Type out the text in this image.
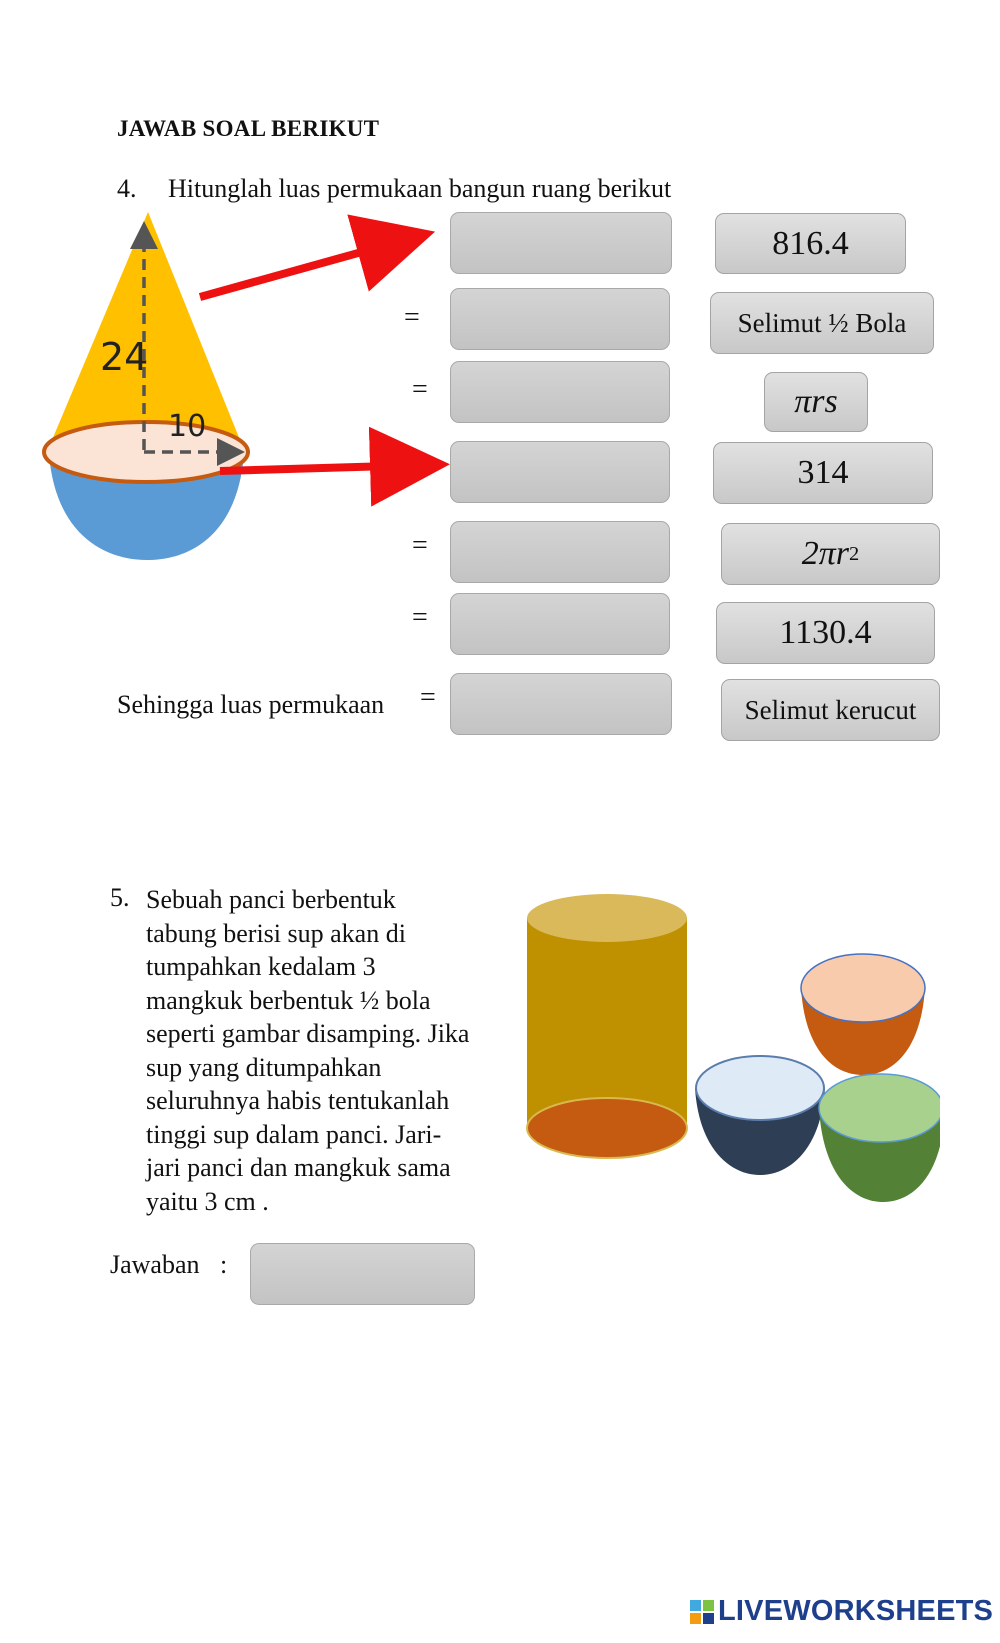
JAWAB SOAL BERIKUT
4. Hitunglah luas permukaan bangun ruang berikut
24
10
=
=
=
=
816.4
Selimut ½ Bola
πrs
314
2πr 2
1130.4
Selimut kerucut
Sehingga luas permukaan =
5. Sebuah panci berbentuk
tabung berisi sup akan di
tumpahkan kedalam 3
mangkuk berbentuk ½ bola
seperti gambar disamping. Jika
sup yang ditumpahkan
seluruhnya habis tentukanlah
tinggi sup dalam panci. Jari-
jari panci dan mangkuk sama
yaitu 3 cm .
Jawaban :
LIVEWORKSHEETS
